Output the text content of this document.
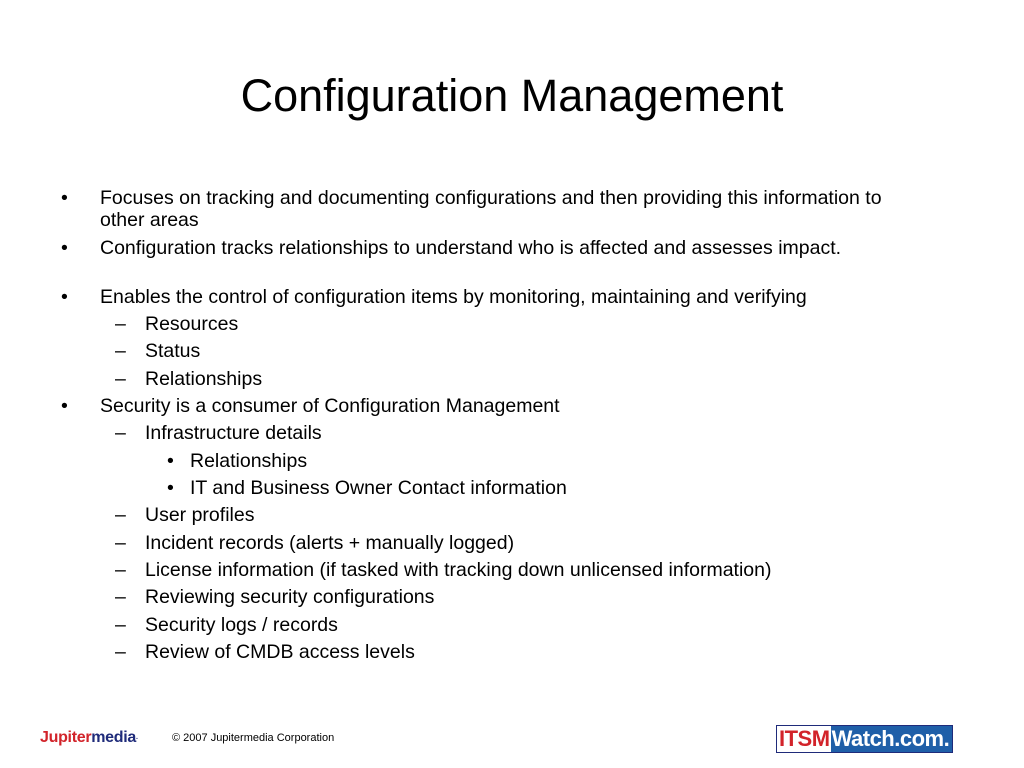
Configuration Management
• Focuses on tracking and documenting configurations and then providing this information to other areas
• Configuration tracks relationships to understand who is affected and assesses impact.
• Enables the control of configuration items by monitoring, maintaining and verifying
– Resources
– Status
– Relationships
• Security is a consumer of Configuration Management
– Infrastructure details
• Relationships
• IT and Business Owner Contact information
– User profiles
– Incident records (alerts + manually logged)
– License information (if tasked with tracking down unlicensed information)
– Reviewing security configurations
– Security logs / records
– Review of CMDB access levels
Jupitermedia.	© 2007 Jupitermedia Corporation	ITSM Watch.com.
